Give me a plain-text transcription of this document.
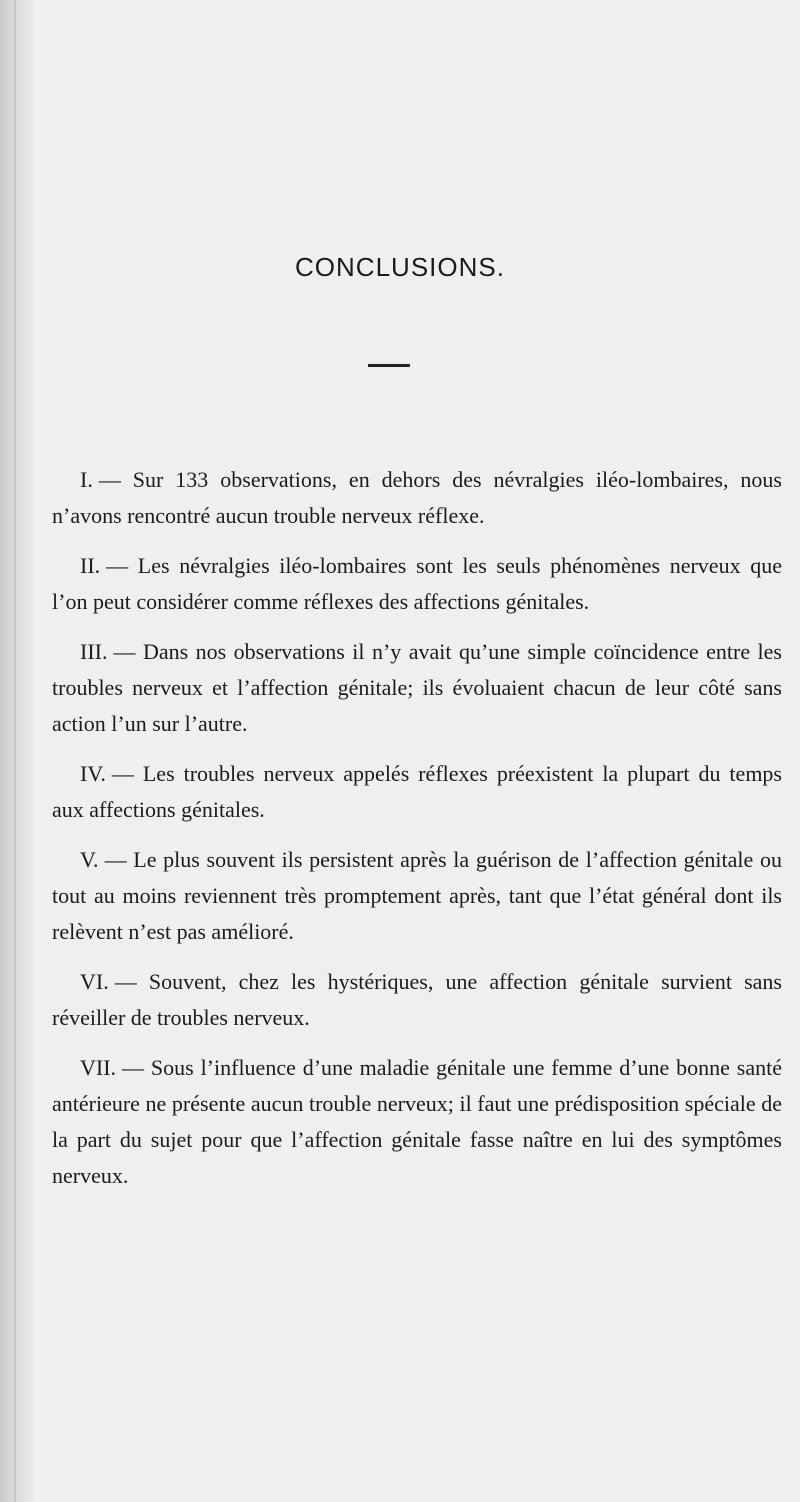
CONCLUSIONS.
I. — Sur 133 observations, en dehors des névralgies iléo-lombaires, nous n’avons rencontré aucun trouble nerveux réflexe.
II. — Les névralgies iléo-lombaires sont les seuls phénomènes nerveux que l’on peut considérer comme réflexes des affections génitales.
III. — Dans nos observations il n’y avait qu’une simple coïncidence entre les troubles nerveux et l’affection génitale; ils évoluaient chacun de leur côté sans action l’un sur l’autre.
IV. — Les troubles nerveux appelés réflexes préexistent la plupart du temps aux affections génitales.
V. — Le plus souvent ils persistent après la guérison de l’affection génitale ou tout au moins reviennent très promptement après, tant que l’état général dont ils relèvent n’est pas amélioré.
VI. — Souvent, chez les hystériques, une affection génitale survient sans réveiller de troubles nerveux.
VII. — Sous l’influence d’une maladie génitale une femme d’une bonne santé antérieure ne présente aucun trouble nerveux; il faut une prédisposition spéciale de la part du sujet pour que l’affection génitale fasse naître en lui des symptômes nerveux.
